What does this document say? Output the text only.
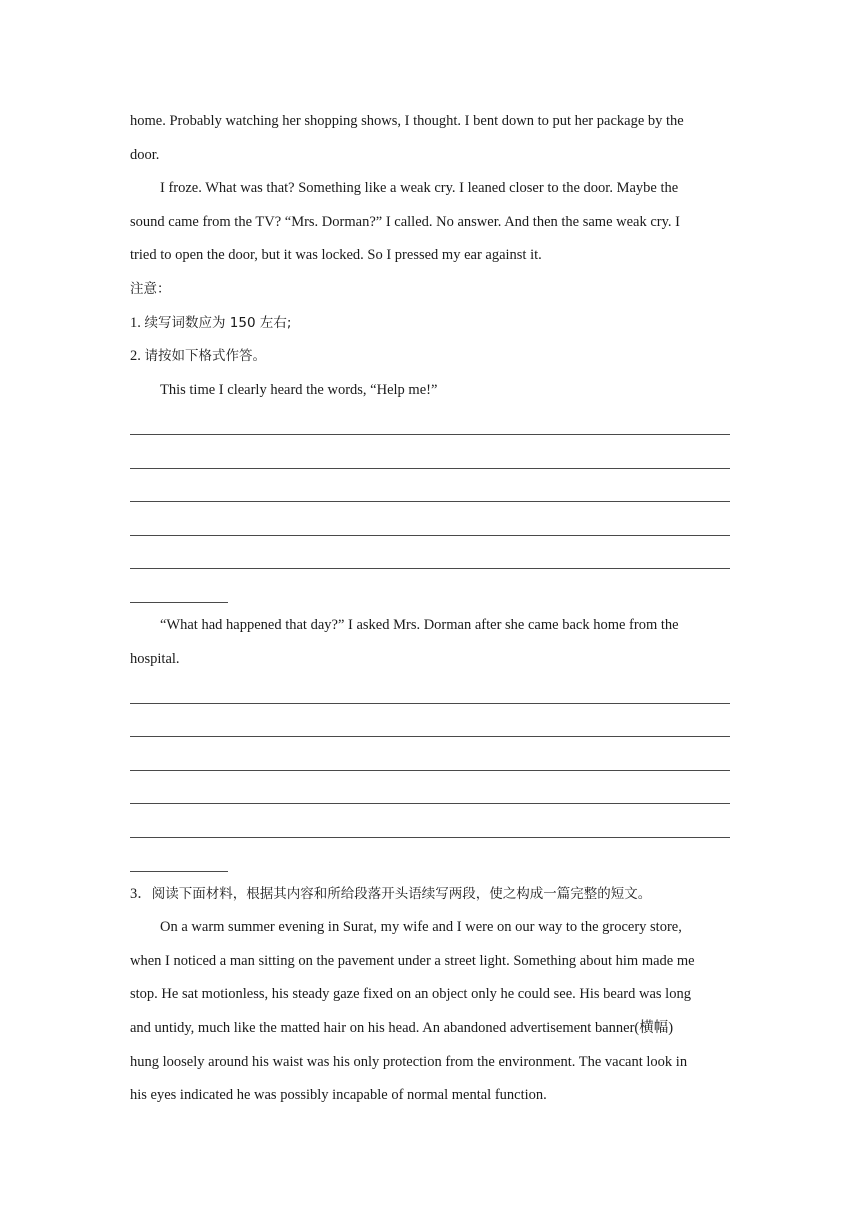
home. Probably watching her shopping shows, I thought. I bent down to put her package by the
door.
I froze. What was that? Something like a weak cry. I leaned closer to the door. Maybe the
sound came from the TV? “Mrs. Dorman?” I called. No answer. And then the same weak cry. I
tried to open the door, but it was locked. So I pressed my ear against it.
注意：
1. 续写词数应为 150 左右;
2. 请按如下格式作答。
This time I clearly heard the words, “Help me!”
“What had happened that day?” I asked Mrs. Dorman after she came back home from the
hospital.
3．阅读下面材料，根据其内容和所给段落开头语续写两段，使之构成一篇完整的短文。
On a warm summer evening in Surat, my wife and I were on our way to the grocery store,
when I noticed a man sitting on the pavement under a street light. Something about him made me
stop. He sat motionless, his steady gaze fixed on an object only he could see. His beard was long
and untidy, much like the matted hair on his head. An abandoned advertisement banner(横幅)
hung loosely around his waist was his only protection from the environment. The vacant look in
his eyes indicated he was possibly incapable of normal mental function.
